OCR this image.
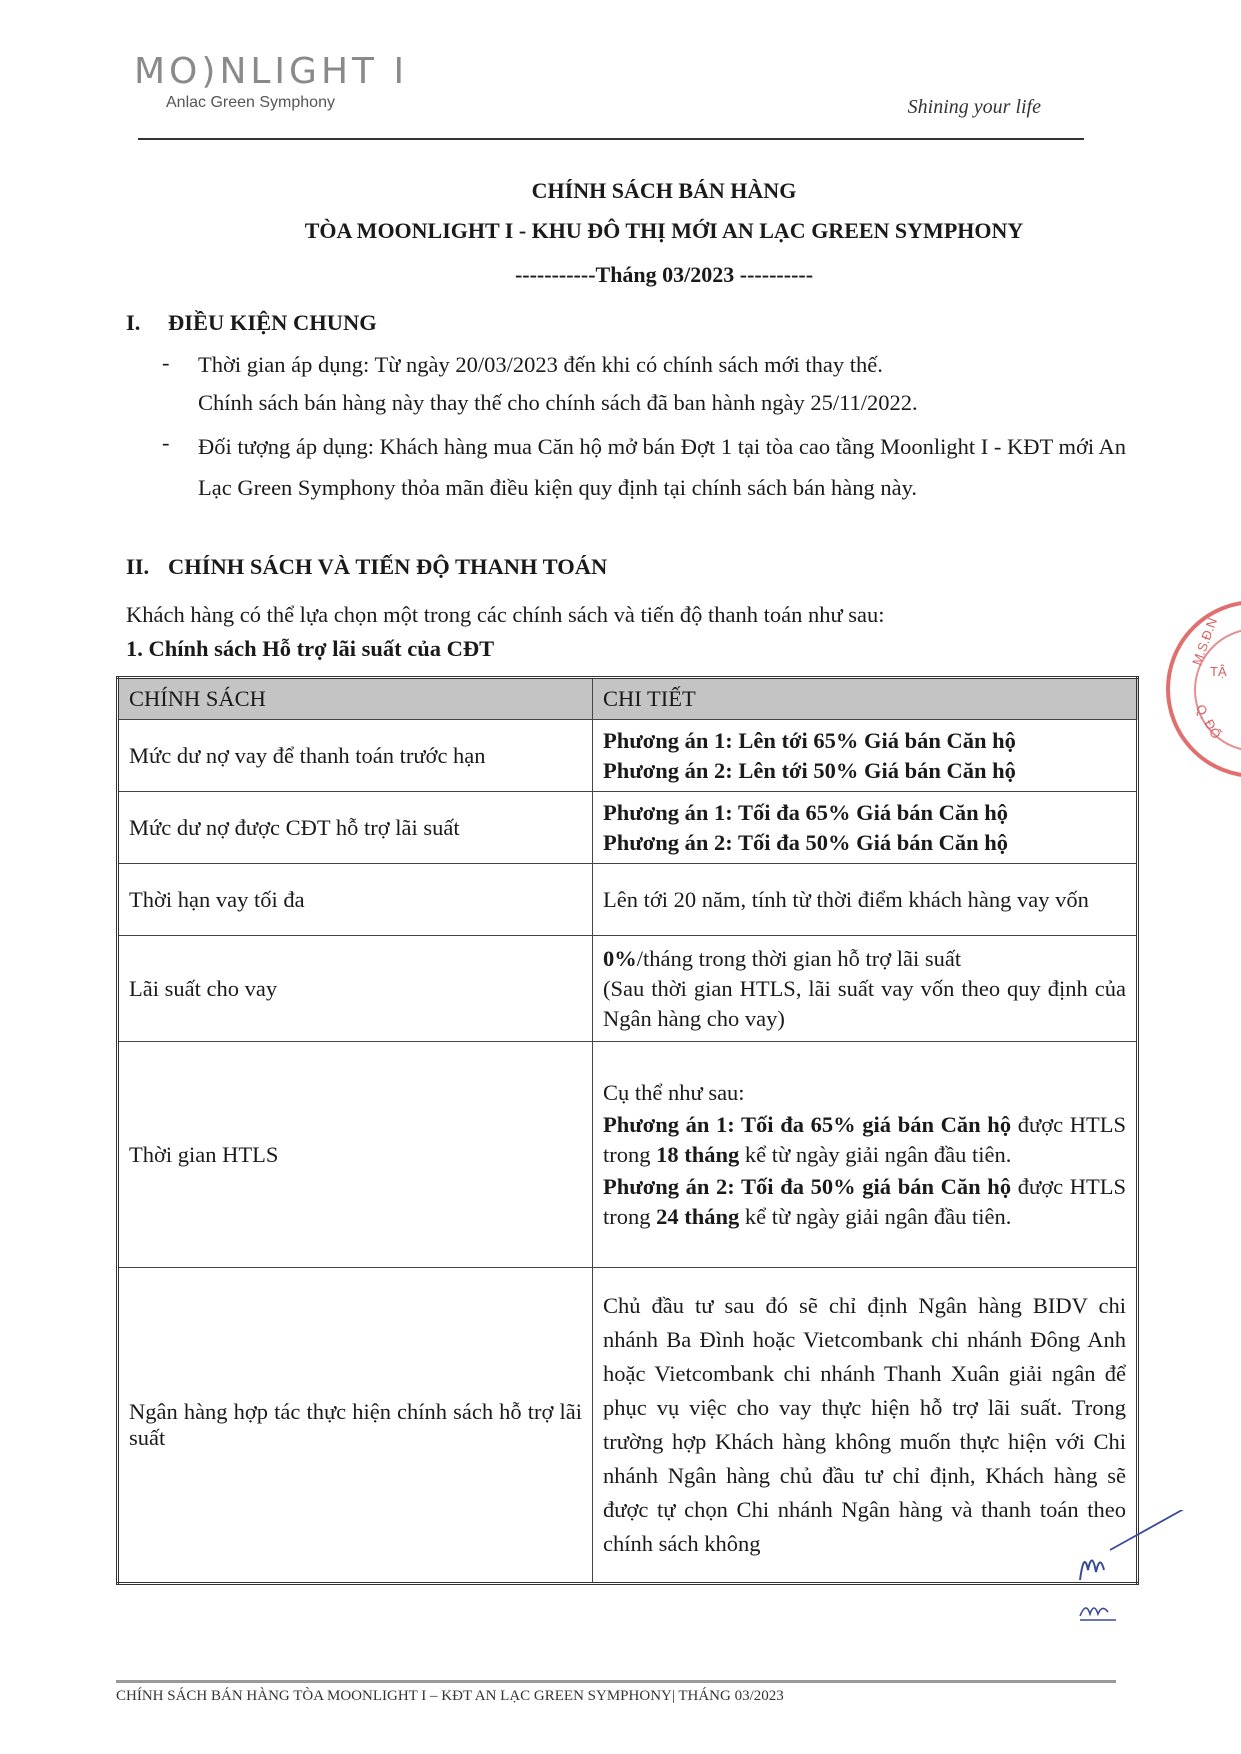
MO)NLIGHT I
Anlac Green Symphony	Shining your life
CHÍNH SÁCH BÁN HÀNG
TÒA MOONLIGHT I - KHU ĐÔ THỊ MỚI AN LẠC GREEN SYMPHONY
-----------Tháng 03/2023 ----------
I. ĐIỀU KIỆN CHUNG
- Thời gian áp dụng: Từ ngày 20/03/2023 đến khi có chính sách mới thay thế.
Chính sách bán hàng này thay thế cho chính sách đã ban hành ngày 25/11/2022.
- Đối tượng áp dụng: Khách hàng mua Căn hộ mở bán Đợt 1 tại tòa cao tầng Moonlight I - KĐT mới An Lạc Green Symphony thỏa mãn điều kiện quy định tại chính sách bán hàng này.
II. CHÍNH SÁCH VÀ TIẾN ĐỘ THANH TOÁN
Khách hàng có thể lựa chọn một trong các chính sách và tiến độ thanh toán như sau:
1. Chính sách Hỗ trợ lãi suất của CĐT
CHÍNH SÁCH	CHI TIẾT
Mức dư nợ vay để thanh toán trước hạn	Phương án 1: Lên tới 65% Giá bán Căn hộ
Phương án 2: Lên tới 50% Giá bán Căn hộ

Mức dư nợ được CĐT hỗ trợ lãi suất	Phương án 1: Tối đa 65% Giá bán Căn hộ
Phương án 2: Tối đa 50% Giá bán Căn hộ

Thời hạn vay tối đa	Lên tới 20 năm, tính từ thời điểm khách hàng vay vốn
Lãi suất cho vay	0%/tháng trong thời gian hỗ trợ lãi suất
(Sau thời gian HTLS, lãi suất vay vốn theo quy định của Ngân hàng cho vay)

Thời gian HTLS	Cụ thể như sau:
Phương án 1: Tối đa 65% giá bán Căn hộ được HTLS trong 18 tháng kể từ ngày giải ngân đầu tiên.
Phương án 2: Tối đa 50% giá bán Căn hộ được HTLS trong 24 tháng kể từ ngày giải ngân đầu tiên.

Ngân hàng hợp tác thực hiện chính sách hỗ trợ lãi suất	Chủ đầu tư sau đó sẽ chỉ định Ngân hàng BIDV chi nhánh Ba Đình hoặc Vietcombank chi nhánh Đông Anh hoặc Vietcombank chi nhánh Thanh Xuân giải ngân để phục vụ việc cho vay thực hiện hỗ trợ lãi suất. Trong trường hợp Khách hàng không muốn thực hiện với Chi nhánh Ngân hàng chủ đầu tư chỉ định, Khách hàng sẽ được tự chọn Chi nhánh Ngân hàng và thanh toán theo chính sách không
M.S.Đ.N
TẬ
Q. ĐỐ
CHÍNH SÁCH BÁN HÀNG TÒA MOONLIGHT I – KĐT AN LẠC GREEN SYMPHONY| THÁNG 03/2023
